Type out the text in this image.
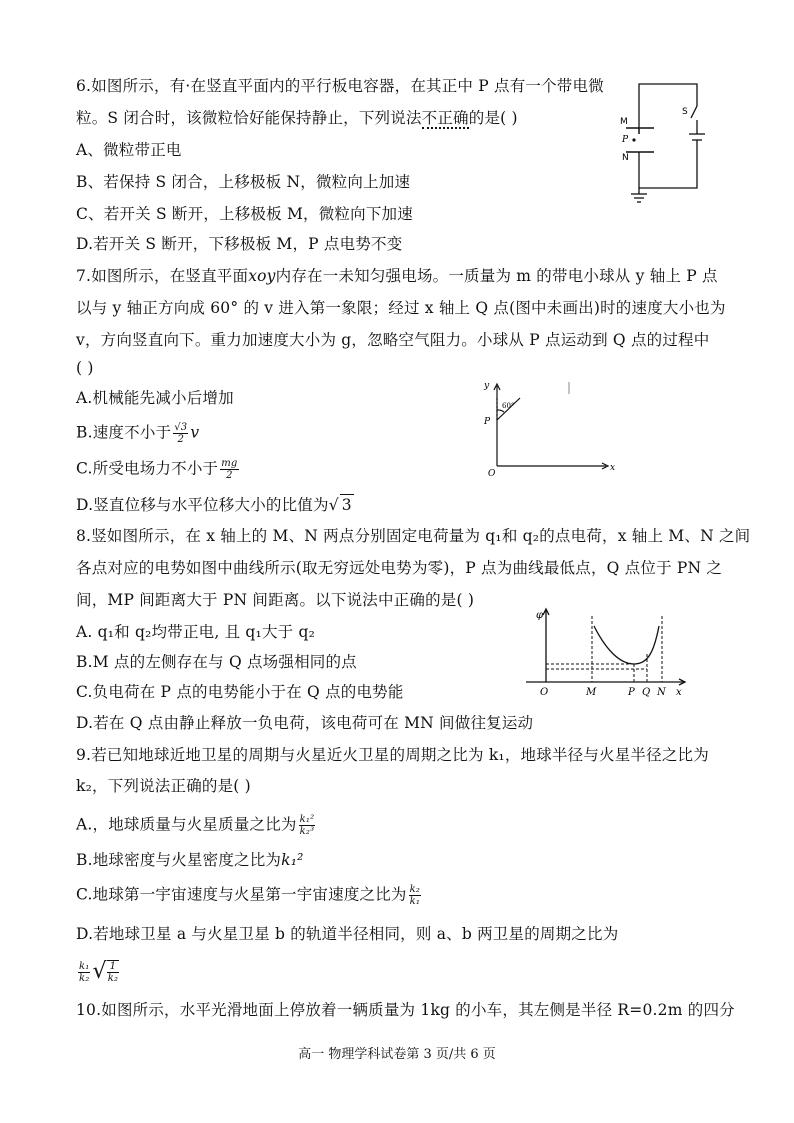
6.如图所示，有·在竖直平面内的平行板电容器，在其正中 P 点有一个带电微
粒。S 闭合时，该微粒恰好能保持静止，下列说法不正确的是( )
A、微粒带正电
B、若保持 S 闭合，上移极板 N，微粒向上加速
C、若开关 S 断开，上移极板 M，微粒向下加速
D.若开关 S 断开，下移极板 M，P 点电势不变
M
P
N
S
7.如图所示，在竖直平面xoy内存在一未知匀强电场。一质量为 m 的带电小球从 y 轴上 P 点
以与 y 轴正方向成 60° 的 v 进入第一象限；经过 x 轴上 Q 点(图中未画出)时的速度大小也为
v，方向竖直向下。重力加速度大小为 g，忽略空气阻力。小球从 P 点运动到 Q 点的过程中
( )
A.机械能先减小后增加
B.速度不小于 $\frac{√3}{2}$ v
C.所受电场力不小于 $\frac{mg}{2}$
D.竖直位移与水平位移大小的比值为√ 3
y
P
60°
O
x
8.竖如图所示，在 x 轴上的 M、N 两点分别固定电荷量为 q₁和 q₂的点电荷，x 轴上 M、N 之间
各点对应的电势如图中曲线所示(取无穷远处电势为零)，P 点为曲线最低点，Q 点位于 PN 之
间，MP 间距离大于 PN 间距离。以下说法中正确的是( )
A. q₁和 q₂均带正电, 且 q₁大于 q₂
B.M 点的左侧存在与 Q 点场强相同的点
C.负电荷在 P 点的电势能小于在 Q 点的电势能
D.若在 Q 点由静止释放一负电荷，该电荷可在 MN 间做往复运动
φ
O	M	P Q N x
9.若已知地球近地卫星的周期与火星近火卫星的周期之比为 k₁，地球半径与火星半径之比为
k₂，下列说法正确的是( )
A.，地球质量与火星质量之比为 $\frac{\text{k₁²}}{\text{k₂³}}$
B.地球密度与火星密度之比为k₁²
C.地球第一宇宙速度与火星第一宇宙速度之比为 $\frac{\text{k₂}}{\text{k₁}}$
D.若地球卫星 a 与火星卫星 b 的轨道半径相同，则 a、b 两卫星的周期之比为
$\frac{\text{k₁}}{\text{k₂}}$ √ $\frac{1}{\text{k₂}}$
10.如图所示，水平光滑地面上停放着一辆质量为 1kg 的小车，其左侧是半径 R=0.2m 的四分
高一 物理学科试卷第 3 页/共 6 页
